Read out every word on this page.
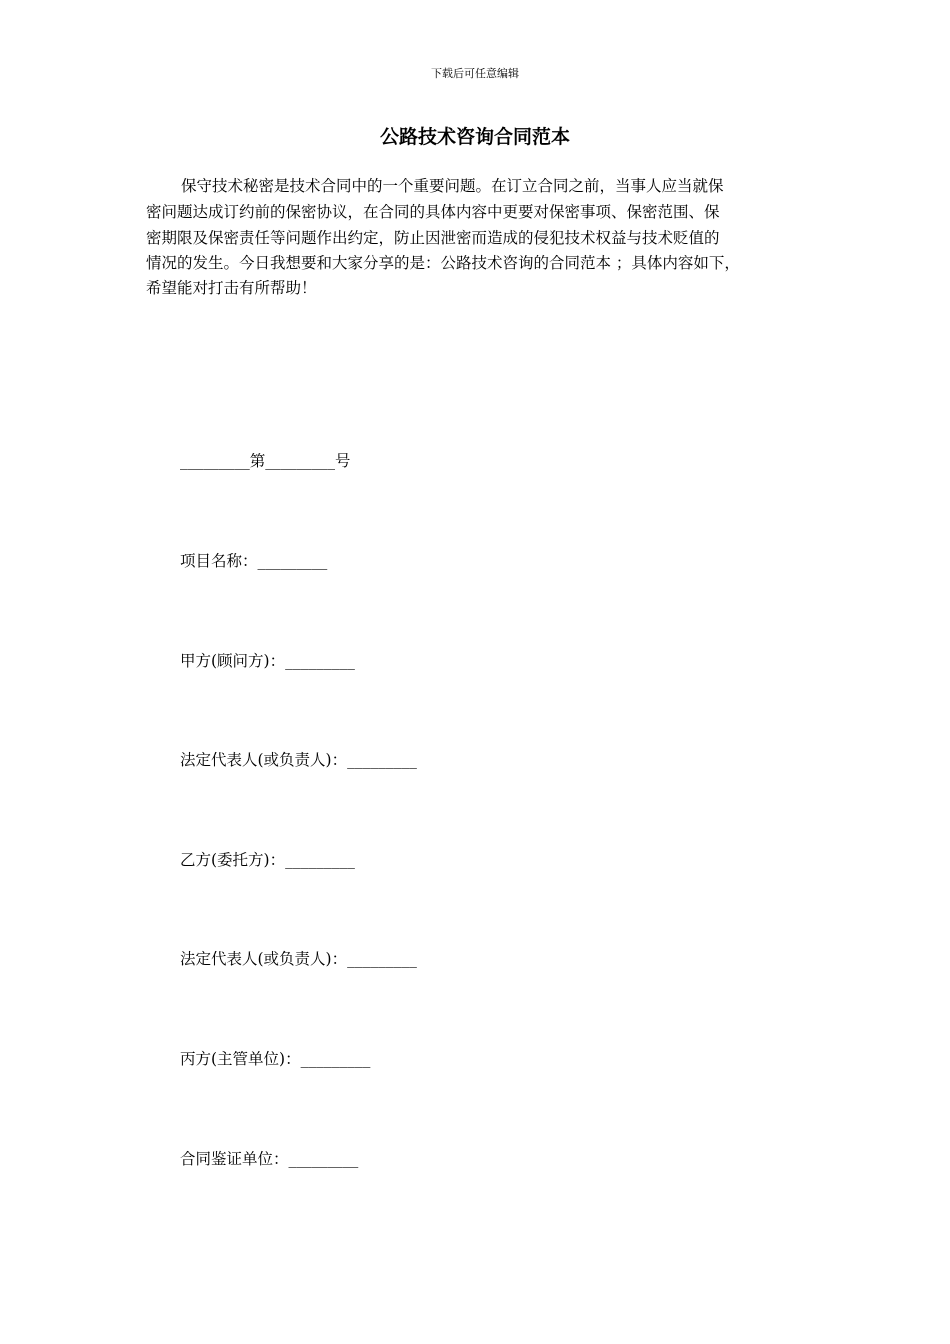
下载后可任意编辑
公路技术咨询合同范本
保守技术秘密是技术合同中的一个重要问题。在订立合同之前，当事人应当就保
密问题达成订约前的保密协议，在合同的具体内容中更要对保密事项、保密范围、保
密期限及保密责任等问题作出约定，防止因泄密而造成的侵犯技术权益与技术贬值的
情况的发生。今日我想要和大家分享的是：公路技术咨询的合同范本 ；具体内容如下，
希望能对打击有所帮助！
_________第_________号
项目名称：_________
甲方(顾问方)：_________
法定代表人(或负责人)：_________
乙方(委托方)：_________
法定代表人(或负责人)：_________
丙方(主管单位)：_________
合同鉴证单位：_________
